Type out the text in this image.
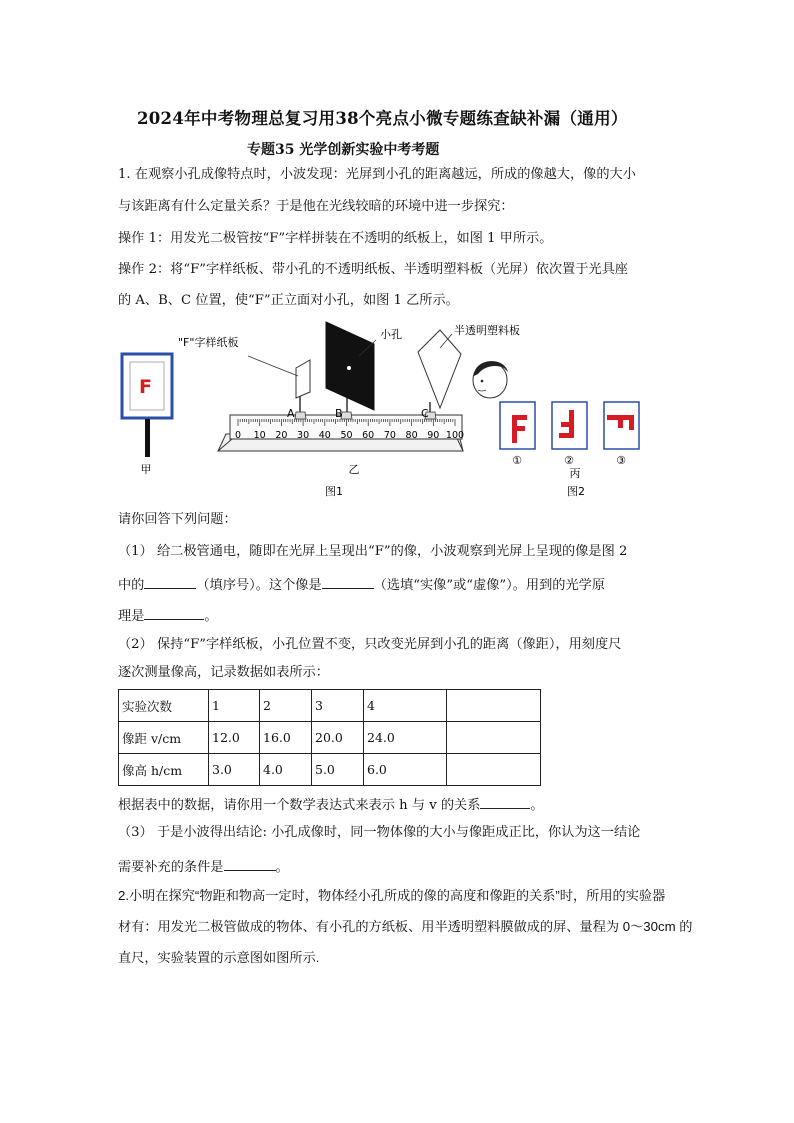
2024年中考物理总复习用38个亮点小微专题练查缺补漏（通用）
专题35 光学创新实验中考考题
1. 在观察小孔成像特点时，小波发现：光屏到小孔的距离越远，所成的像越大，像的大小
与该距离有什么定量关系？于是他在光线较暗的环境中进一步探究：
操作 1：用发光二极管按“F”字样拼装在不透明的纸板上，如图 1 甲所示。
操作 2：将“F”字样纸板、带小孔的不透明纸板、半透明塑料板（光屏）依次置于光具座
的 A、B、C 位置，使“F”正立面对小孔，如图 1 乙所示。
F
甲
0 10 20 30 40 50 60 70 80 90 100
A	B	C
"F"字样纸板
小孔	半透明塑料板
乙
图1
①	②	③
丙
图2
请你回答下列问题：
（1） 给二极管通电，随即在光屏上呈现出“F”的像，小波观察到光屏上呈现的像是图 2
中的	（填序号）。这个像是	（选填“实像”或“虚像”）。用到的光学原
理是	。
（2） 保持“F”字样纸板，小孔位置不变，只改变光屏到小孔的距离（像距），用刻度尺
逐次测量像高，记录数据如表所示：
实验次数	1	2	3	4	
像距 v/cm	12.0	16.0	20.0	24.0	
像高 h/cm	3.0	4.0	5.0	6.0	
根据表中的数据，请你用一个数学表达式来表示 h 与 v 的关系	。
（3） 于是小波得出结论: 小孔成像时，同一物体像的大小与像距成正比，你认为这一结论
需要补充的条件是	。
2.小明在探究“物距和物高一定时，物体经小孔所成的像的高度和像距的关系”时，所用的实验器
材有：用发光二极管做成的物体、有小孔的方纸板、用半透明塑料膜做成的屏、量程为 0～30cm 的
直尺，实验装置的示意图如图所示.
